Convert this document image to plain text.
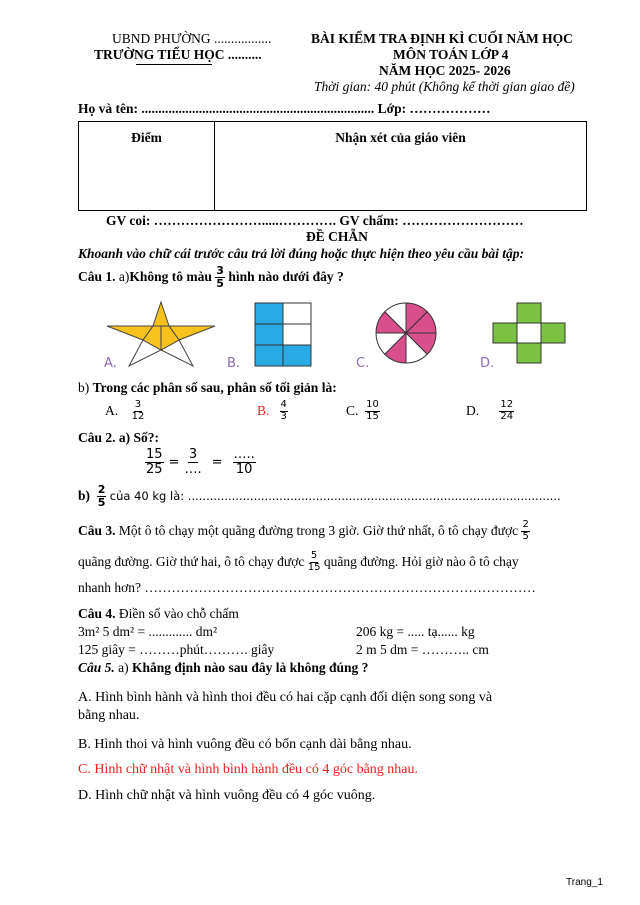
UBND PHƯỜNG .................
TRƯỜNG TIỂU HỌC ..........
BÀI KIỂM TRA ĐỊNH KÌ CUỐI NĂM HỌC
MÔN TOÁN LỚP 4
NĂM HỌC 2025- 2026
Thời gian: 40 phút (Không kể thời gian giao đề)
Họ và tên: ..................................................................... Lớp: ………………
Điểm	Nhận xét của giáo viên
GV coi: …………………….....…………. GV chấm: ………………………
ĐỀ CHẴN
Khoanh vào chữ cái trước câu trả lời đúng hoặc thực hiện theo yêu cầu bài tập:
Câu 1.
a) Không tô màu
$\frac{3}{5}$
hình nào dưới đây ?
A.	B.	C.	D.
b) Trong các phân số sau, phân số tối giản là:
A.
$\frac{3}{12}$	B.
$\frac{4}{3}$	C.
$\frac{10}{15}$	D.
$\frac{12}{24}$
Câu 2. a) Số?:
$\frac{15}{25} = \frac{3}{\dots.} = \frac{\dots..}{10}$
b)
$\frac{2}{5}$
của 40 kg là: ......................................................................................................
Câu 3.
Một ô tô chạy một quãng đường trong 3 giờ. Giờ thứ nhất, ô tô chạy được
$\frac{2}{5}$
quãng đường. Giờ thứ hai, ô tô chạy được
$\frac{5}{15}$
quãng đường. Hỏi giờ nào ô tô chạy
nhanh hơn? ……………………………………………………………………………
Câu 4. Điền số vào chỗ chấm
3m² 5 dm² = ............. dm²	206 kg = ..... tạ...... kg
125 giây = ………phút………. giây	2 m 5 dm = ……….. cm
Câu 5. a) Khẳng định nào sau đây là không đúng ?
A. Hình bình hành và hình thoi đều có hai cặp cạnh đối diện song song và
bằng nhau.
B. Hình thoi và hình vuông đều có bốn cạnh dài bằng nhau.
C. Hình chữ nhật và hình bình hành đều có 4 góc bằng nhau.
D. Hình chữ nhật và hình vuông đều có 4 góc vuông.
Trang_1
